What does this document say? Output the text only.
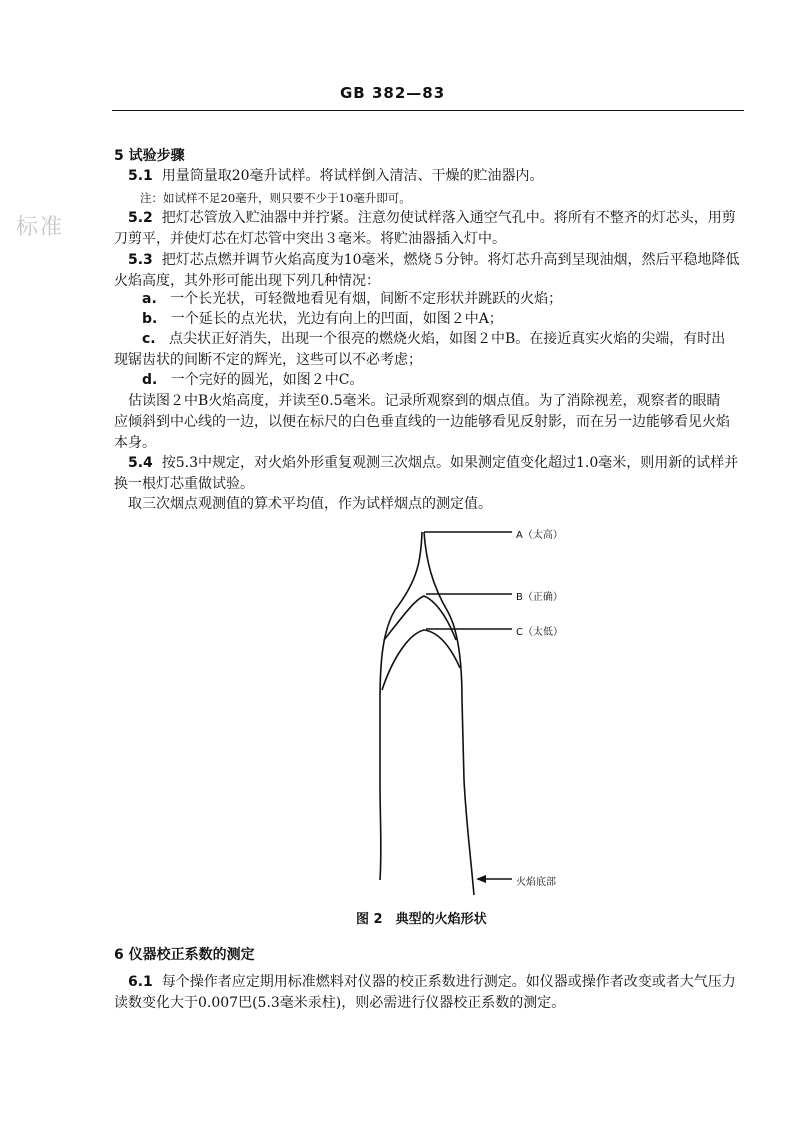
GB 382—83
标准
5 试验步骤
5.1 用量筒量取20毫升试样。将试样倒入清洁、干燥的贮油器内。
注：如试样不足20毫升，则只要不少于10毫升即可。
5.2 把灯芯管放入贮油器中并拧紧。注意勿使试样落入通空气孔中。将所有不整齐的灯芯头，用剪
刀剪平，并使灯芯在灯芯管中突出３毫米。将贮油器插入灯中。
5.3 把灯芯点燃并调节火焰高度为10毫米，燃烧５分钟。将灯芯升高到呈现油烟，然后平稳地降低
火焰高度，其外形可能出现下列几种情况：
a. 一个长光状，可轻微地看见有烟，间断不定形状并跳跃的火焰；
b. 一个延长的点光状，光边有向上的凹面，如图２中A；
c. 点尖状正好消失，出现一个很亮的燃烧火焰，如图２中B。在接近真实火焰的尖端，有时出
现锯齿状的间断不定的辉光，这些可以不必考虑；
d. 一个完好的圆光，如图２中C。
估读图２中B火焰高度，并读至0.5毫米。记录所观察到的烟点值。为了消除视差，观察者的眼睛
应倾斜到中心线的一边，以便在标尺的白色垂直线的一边能够看见反射影，而在另一边能够看见火焰
本身。
5.4 按5.3中规定，对火焰外形重复观测三次烟点。如果测定值变化超过1.0毫米，则用新的试样并
换一根灯芯重做试验。
取三次烟点观测值的算术平均值，作为试样烟点的测定值。
A（太高）
B（正确）
C（太低）
火焰底部
图 2　典型的火焰形状
6 仪器校正系数的测定
6.1 每个操作者应定期用标准燃料对仪器的校正系数进行测定。如仪器或操作者改变或者大气压力
读数变化大于0.007巴(5.3毫米汞柱)，则必需进行仪器校正系数的测定。
